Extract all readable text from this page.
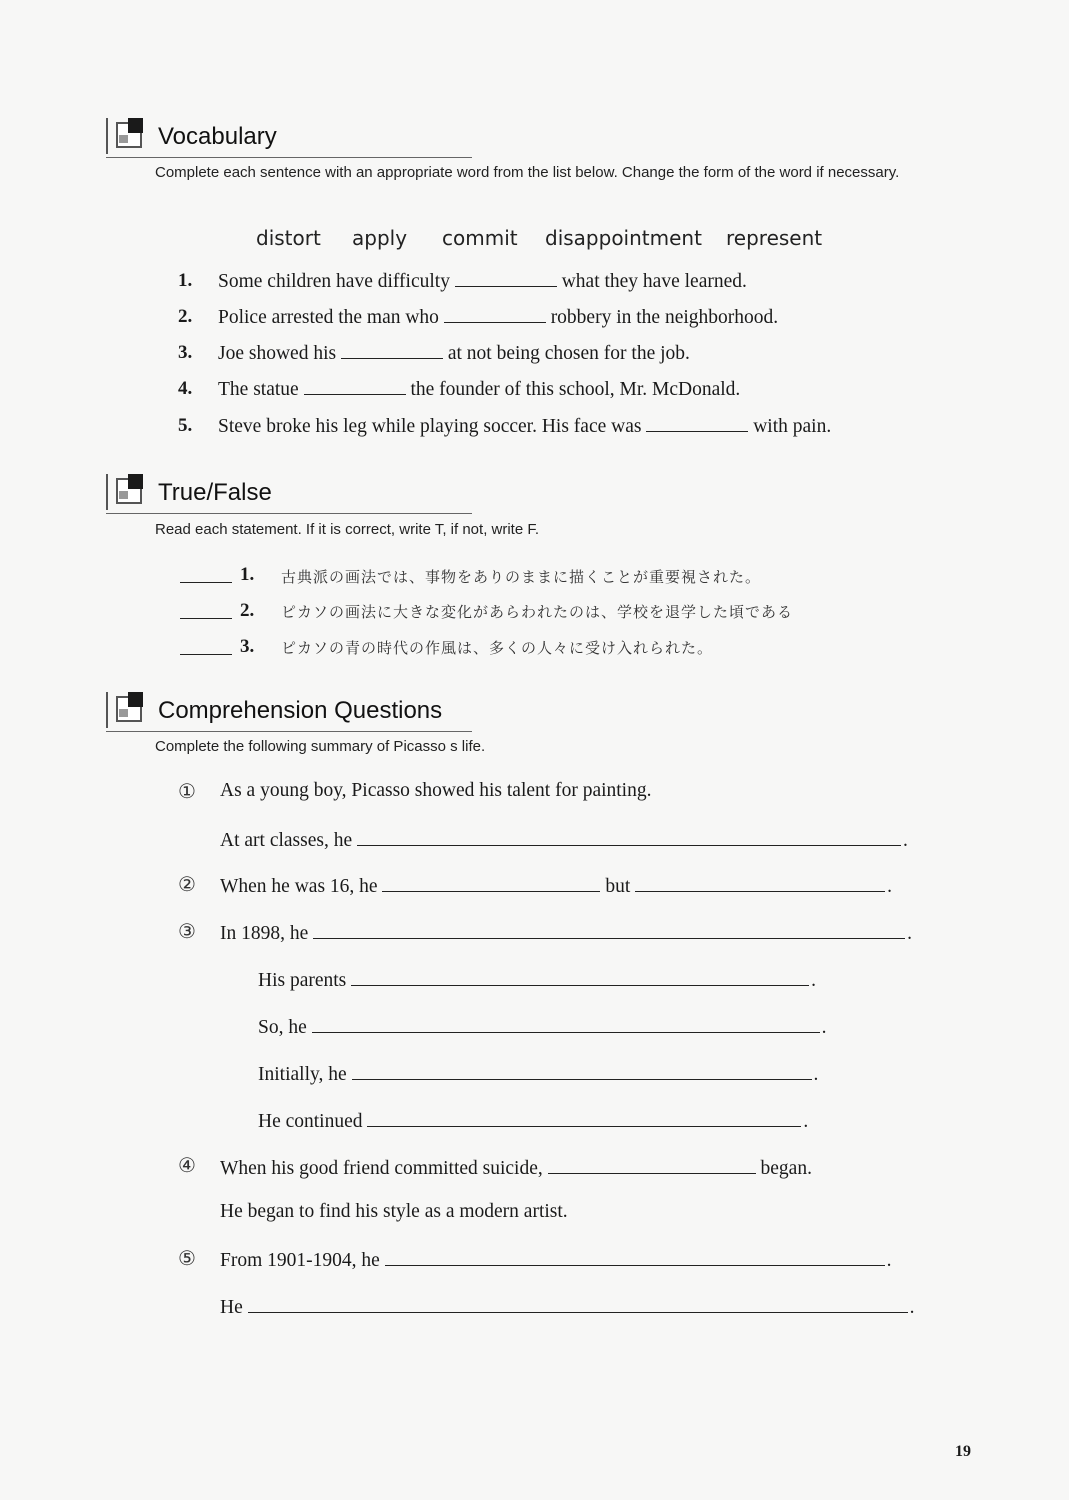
Vocabulary
Complete each sentence with an appropriate word from the list below. Change the form of the word if necessary.
distort apply commit disappointment represent
1. Some children have difficulty	what they have learned.
2. Police arrested the man who	robbery in the neighborhood.
3. Joe showed his	at not being chosen for the job.
4. The statue	the founder of this school, Mr. McDonald.
5. Steve broke his leg while playing soccer. His face was	with pain.
True/False
Read each statement. If it is correct, write T, if not, write F.
1. 古典派の画法では、事物をありのままに描くことが重要視された。
2. ピカソの画法に大きな変化があらわれたのは、学校を退学した頃である
3. ピカソの青の時代の作風は、多くの人々に受け入れられた。
Comprehension Questions
Complete the following summary of Picasso s life.
① As a young boy, Picasso showed his talent for painting.
At art classes, he	.
② When he was 16, he	but	.
③ In 1898, he	.
His parents	.
So, he	.
Initially, he	.
He continued	.
④ When his good friend committed suicide,	began.
He began to find his style as a modern artist.
⑤ From 1901-1904, he	.
He	.
19
